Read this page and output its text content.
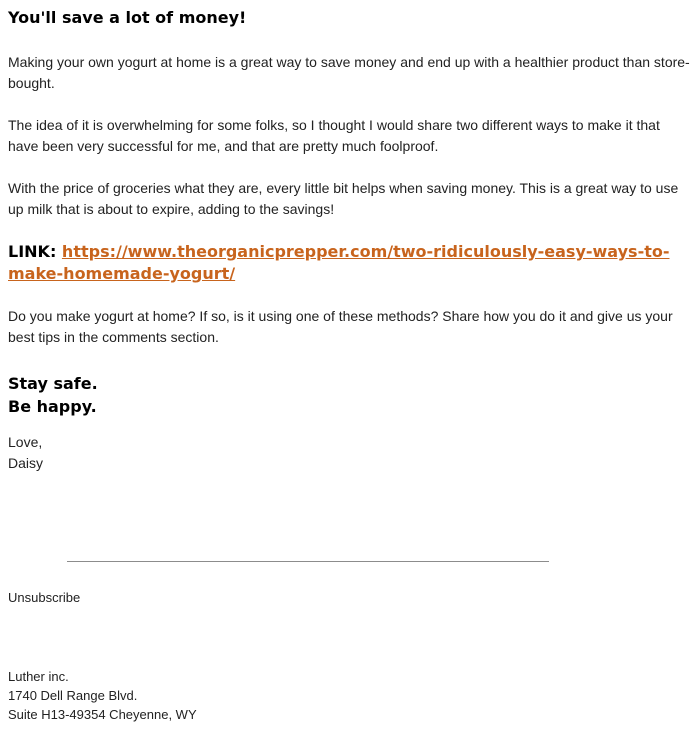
You'll save a lot of money!

Making your own yogurt at home is a great way to save money and end up with a healthier product than store-bought.

The idea of it is overwhelming for some folks, so I thought I would share two different ways to make it that have been very successful for me, and that are pretty much foolproof.

With the price of groceries what they are, every little bit helps when saving money. This is a great way to use up milk that is about to expire, adding to the savings!

LINK: https://www.theorganicprepper.com/two-ridiculously-easy-ways-to-make-homemade-yogurt/

Do you make yogurt at home? If so, is it using one of these methods? Share how you do it and give us your best tips in the comments section.

Stay safe.
Be happy.

Love,
Daisy

Unsubscribe
Luther inc.
1740 Dell Range Blvd.
Suite H13-49354 Cheyenne, WY
